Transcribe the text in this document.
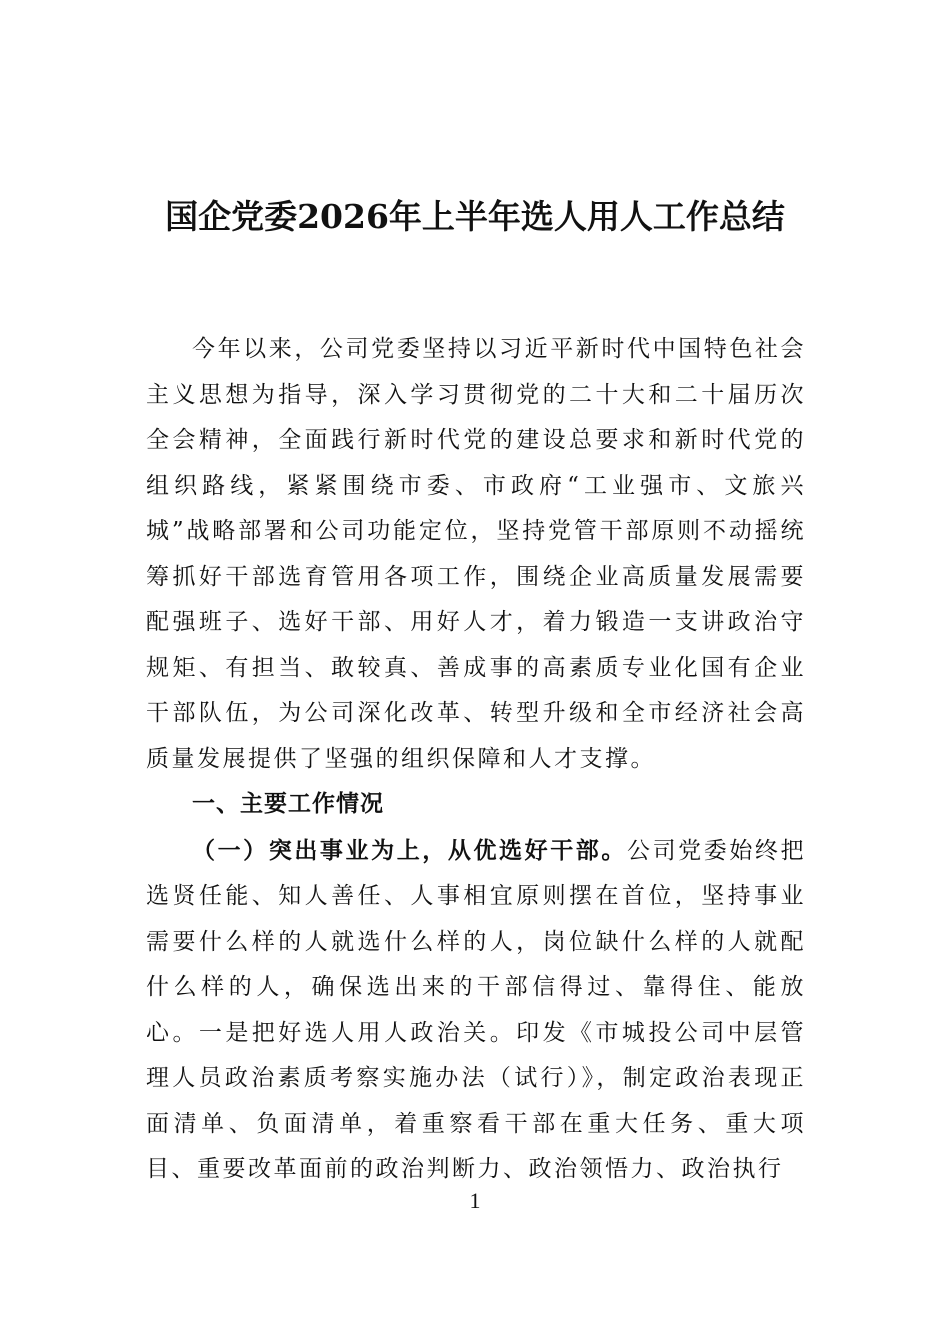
国企党委2026年上半年选人用人工作总结

今年以来，公司党委坚持以习近平新时代中国特色社会主义思想为指导，深入学习贯彻党的二十大和二十届历次全会精神，全面践行新时代党的建设总要求和新时代党的组织路线，紧紧围绕市委、市政府“工业强市、文旅兴城”战略部署和公司功能定位，坚持党管干部原则不动摇统筹抓好干部选育管用各项工作，围绕企业高质量发展需要配强班子、选好干部、用好人才，着力锻造一支讲政治守规矩、有担当、敢较真、善成事的高素质专业化国有企业干部队伍，为公司深化改革、转型升级和全市经济社会高质量发展提供了坚强的组织保障和人才支撑。

一、主要工作情况

（一）突出事业为上，从优选好干部。公司党委始终把选贤任能、知人善任、人事相宜原则摆在首位，坚持事业需要什么样的人就选什么样的人，岗位缺什么样的人就配什么样的人，确保选出来的干部信得过、靠得住、能放心。一是把好选人用人政治关。印发《市城投公司中层管理人员政治素质考察实施办法（试行）》，制定政治表现正面清单、负面清单，着重察看干部在重大任务、重大项目、重要改革面前的政治判断力、政治领悟力、政治执行

1
